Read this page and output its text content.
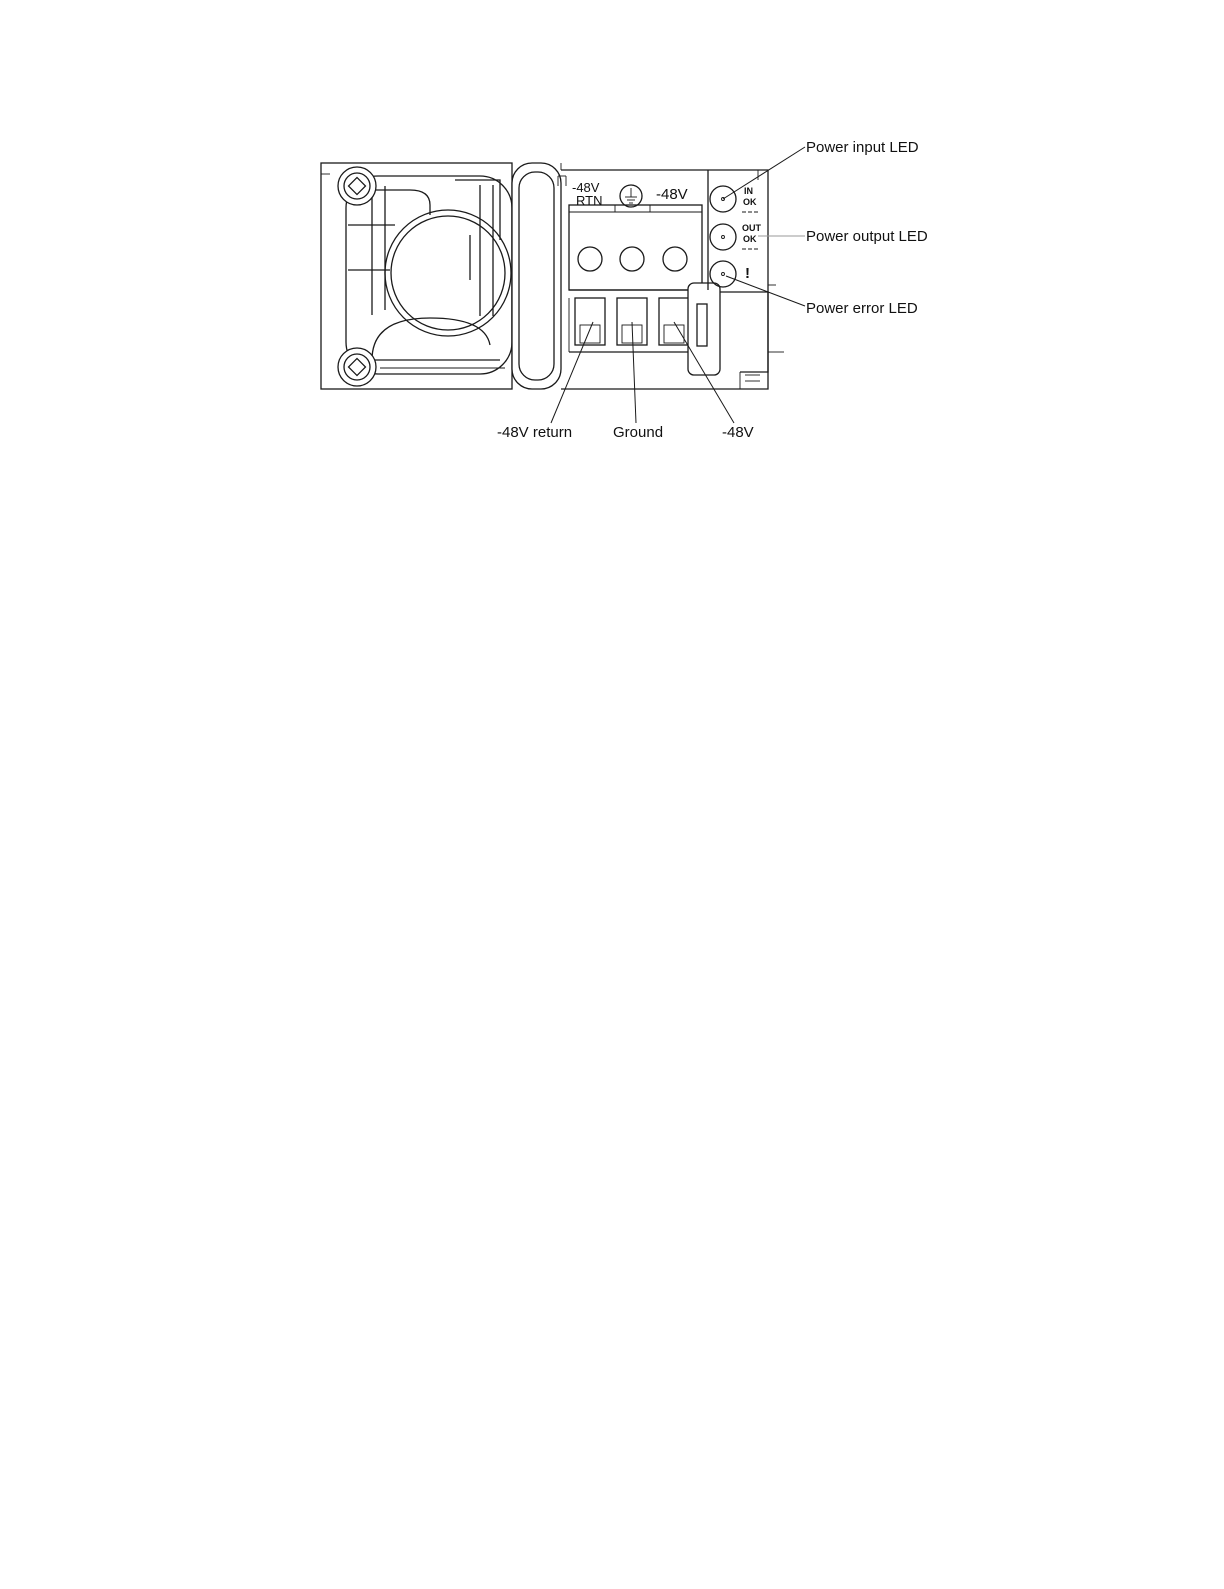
-48V
RTN	-48V	IN
OK
OUT
OK
!
Power input LED
Power output LED
Power error LED
-48V return	Ground	-48V
